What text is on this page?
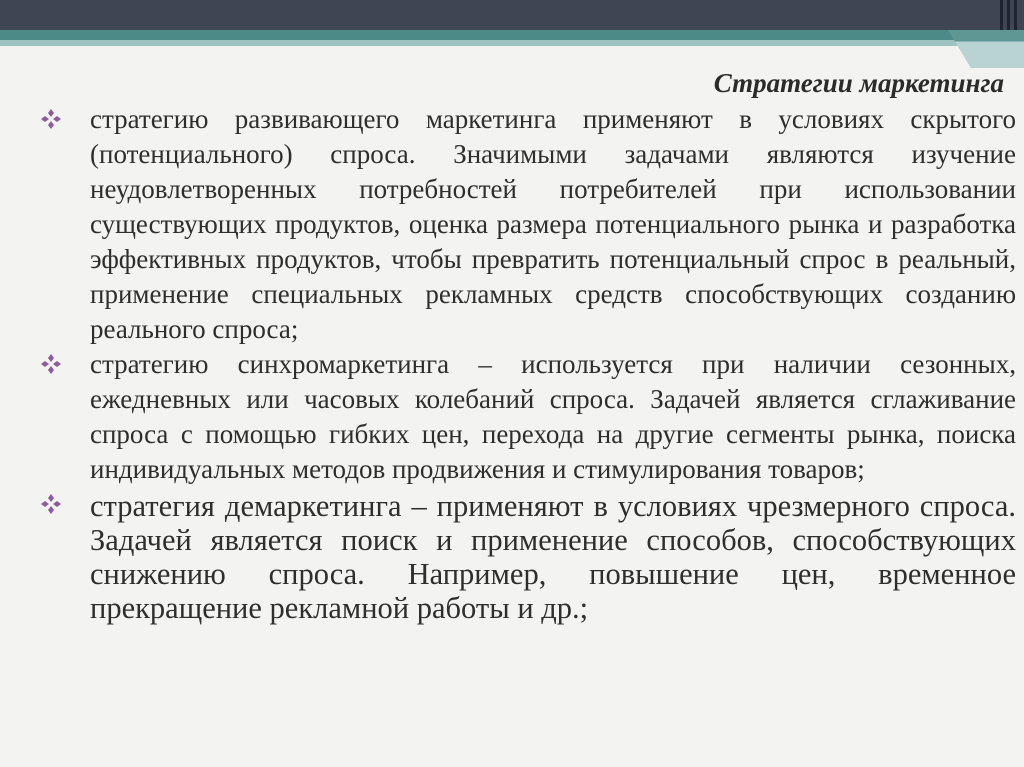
Стратегии маркетинга
стратегию развивающего маркетинга применяют в условиях скрытого (потенциального) спроса. Значимыми задачами являются изучение неудовлетворенных потребностей потребителей при использовании существующих продуктов, оценка размера потенциального рынка и разработка эффективных продуктов, чтобы превратить потенциальный спрос в реальный, применение специальных рекламных средств способствующих созданию реального спроса;
стратегию синхромаркетинга – используется при наличии сезонных, ежедневных или часовых колебаний спроса. Задачей является сглаживание спроса с помощью гибких цен, перехода на другие сегменты рынка, поиска индивидуальных методов продвижения и стимулирования товаров;
стратегия демаркетинга – применяют в условиях чрезмерного спроса. Задачей является поиск и применение способов, способствующих снижению спроса. Например, повышение цен, временное прекращение рекламной работы и др.;
